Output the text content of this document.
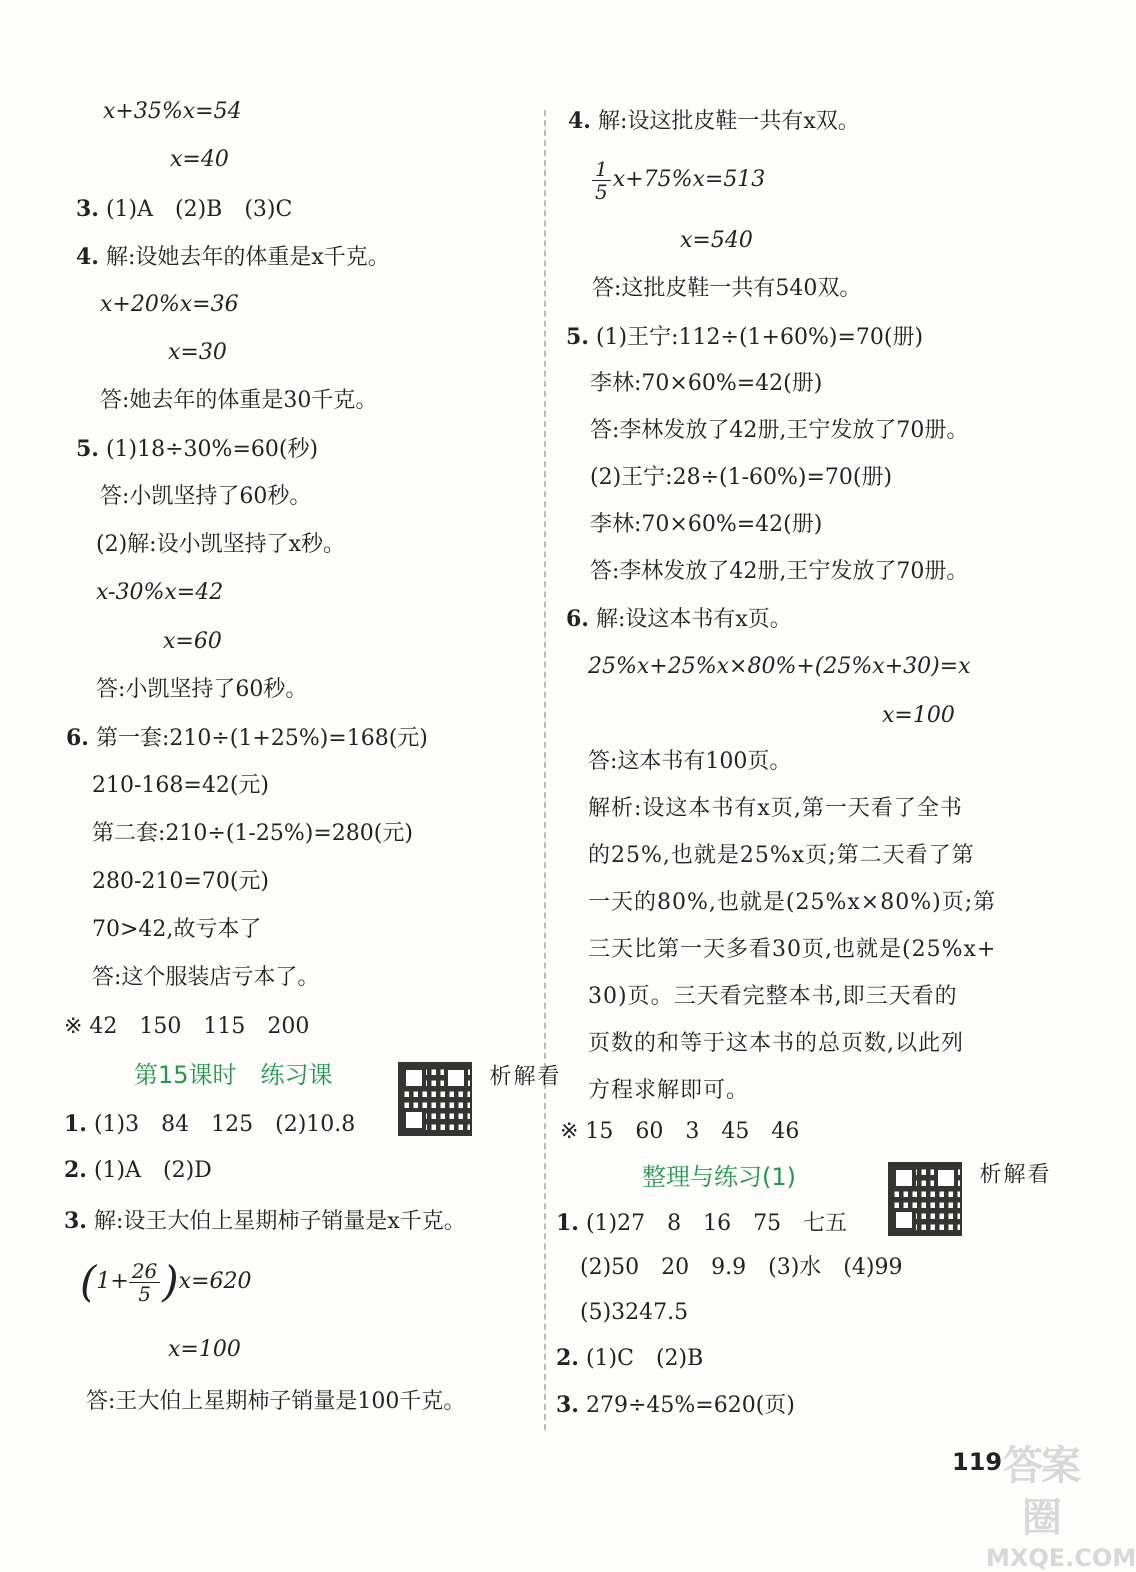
x+35%x=54
x=40
3. (1)A　(2)B　(3)C
4. 解:设她去年的体重是x千克。
x+20%x=36
x=30
答:她去年的体重是30千克。
5. (1)18÷30%=60(秒)
答:小凯坚持了60秒。
(2)解:设小凯坚持了x秒。
x-30%x=42
x=60
答:小凯坚持了60秒。
6. 第一套:210÷(1+25%)=168(元)
210-168=42(元)
第二套:210÷(1-25%)=280(元)
280-210=70(元)
70>42,故亏本了
答:这个服装店亏本了。
※ 42　150　115　200
第15课时　练习课	看解析
1. (1)3　84　125　(2)10.8
2. (1)A　(2)D
3. 解:设王大伯上星期柿子销量是x千克。
$(1+ \frac{26}{5} )x=620$
x=100
答:王大伯上星期柿子销量是100千克。
4. 解:设这批皮鞋一共有x双。
$\frac{1}{5} x+75\%x=513$
x=540
答:这批皮鞋一共有540双。
5. (1)王宁:112÷(1+60%)=70(册)
李林:70×60%=42(册)
答:李林发放了42册,王宁发放了70册。
(2)王宁:28÷(1-60%)=70(册)
李林:70×60%=42(册)
答:李林发放了42册,王宁发放了70册。
6. 解:设这本书有x页。
25%x+25%x×80%+(25%x+30)=x
x=100
答:这本书有100页。
解析:设这本书有x页,第一天看了全书
的25%,也就是25%x页;第二天看了第
一天的80%,也就是(25%x×80%)页;第
三天比第一天多看30页,也就是(25%x+
30)页。三天看完整本书,即三天看的
页数的和等于这本书的总页数,以此列
方程求解即可。
※ 15　60　3　45　46
整理与练习(1)	看解析
1. (1)27　8　16　75　七五
(2)50　20　9.9　(3)水　(4)99
(5)3247.5
2. (1)C　(2)B
3. 279÷45%=620(页)
119 答案圈
MXQE.COM
